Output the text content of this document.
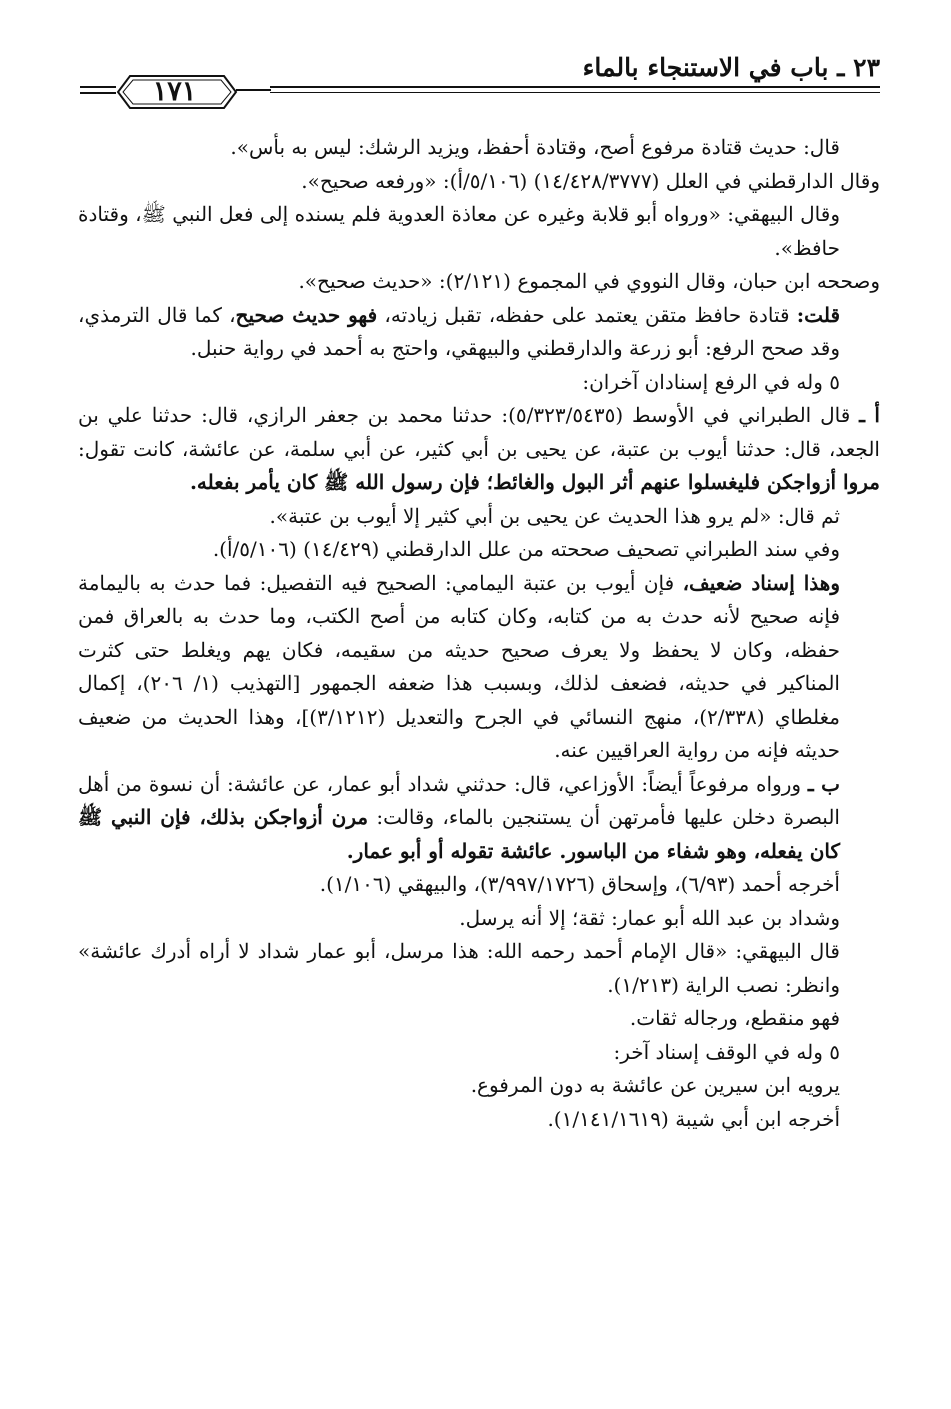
٢٣ ـ باب في الاستنجاء بالماء
١٧١

قال: حديث قتادة مرفوع أصح، وقتادة أحفظ، ويزيد الرشك: ليس به بأس».

وقال الدارقطني في العلل (١٤/٤٢٨/٣٧٧٧) (٥/١٠٦/أ): «ورفعه صحيح».

وقال البيهقي: «ورواه أبو قلابة وغيره عن معاذة العدوية فلم يسنده إلى فعل النبي ﷺ، وقتادة حافظ».

وصححه ابن حبان، وقال النووي في المجموع (٢/١٢١): «حديث صحيح».

قلت: قتادة حافظ متقن يعتمد على حفظه، تقبل زيادته، فهو حديث صحيح، كما قال الترمذي، وقد صحح الرفع: أبو زرعة والدارقطني والبيهقي، واحتج به أحمد في رواية حنبل.

٥ وله في الرفع إسنادان آخران:

أ ـ قال الطبراني في الأوسط (٥/٣٢٣/٥٤٣٥): حدثنا محمد بن جعفر الرازي، قال: حدثنا علي بن الجعد، قال: حدثنا أيوب بن عتبة، عن يحيى بن أبي كثير، عن أبي سلمة، عن عائشة، كانت تقول: مروا أزواجكن فليغسلوا عنهم أثر البول والغائط؛ فإن رسول الله ﷺ كان يأمر بفعله.

ثم قال: «لم يرو هذا الحديث عن يحيى بن أبي كثير إلا أيوب بن عتبة».

وفي سند الطبراني تصحيف صححته من علل الدارقطني (١٤/٤٢٩) (٥/١٠٦/أ).

وهذا إسناد ضعيف، فإن أيوب بن عتبة اليمامي: الصحيح فيه التفصيل: فما حدث به باليمامة فإنه صحيح لأنه حدث به من كتابه، وكان كتابه من أصح الكتب، وما حدث به بالعراق فمن حفظه، وكان لا يحفظ ولا يعرف صحيح حديثه من سقيمه، فكان يهم ويغلط حتى كثرت المناكير في حديثه، فضعف لذلك، وبسبب هذا ضعفه الجمهور [التهذيب (١/ ٢٠٦)، إكمال مغلطاي (٢/٣٣٨)، منهج النسائي في الجرح والتعديل (٣/١٢١٢)]، وهذا الحديث من ضعيف حديثه فإنه من رواية العراقيين عنه.

ب ـ ورواه مرفوعاً أيضاً: الأوزاعي، قال: حدثني شداد أبو عمار، عن عائشة: أن نسوة من أهل البصرة دخلن عليها فأمرتهن أن يستنجين بالماء، وقالت: مرن أزواجكن بذلك، فإن النبي ﷺ كان يفعله، وهو شفاء من الباسور. عائشة تقوله أو أبو عمار.

أخرجه أحمد (٦/٩٣)، وإسحاق (٣/٩٩٧/١٧٢٦)، والبيهقي (١/١٠٦).

وشداد بن عبد الله أبو عمار: ثقة؛ إلا أنه يرسل.

قال البيهقي: «قال الإمام أحمد رحمه الله: هذا مرسل، أبو عمار شداد لا أراه أدرك عائشة» وانظر: نصب الراية (١/٢١٣).

فهو منقطع، ورجاله ثقات.

٥ وله في الوقف إسناد آخر:

يرويه ابن سيرين عن عائشة به دون المرفوع.

أخرجه ابن أبي شيبة (١/١٤١/١٦١٩).
